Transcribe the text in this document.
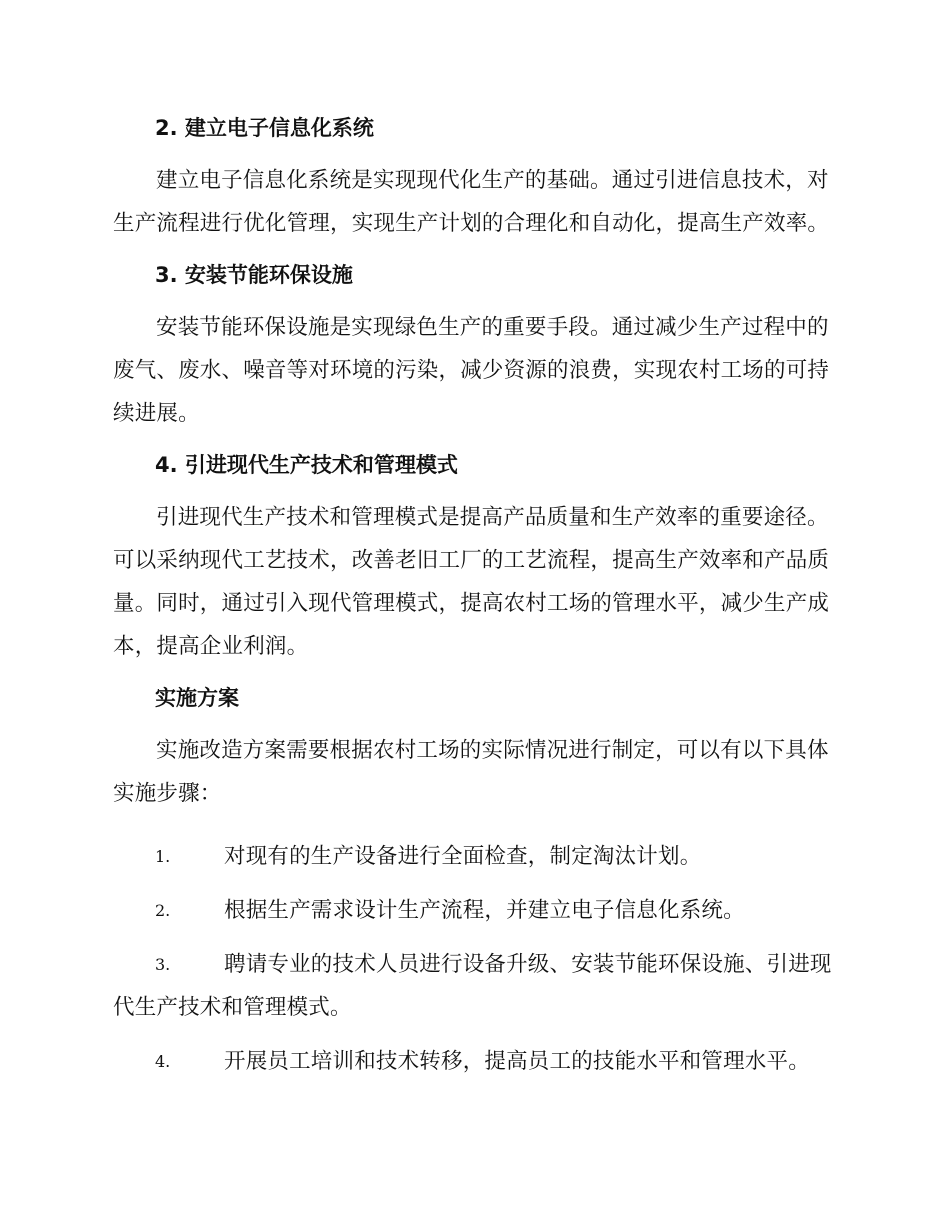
2. 建立电子信息化系统

建立电子信息化系统是实现现代化生产的基础。通过引进信息技术，对生产流程进行优化管理，实现生产计划的合理化和自动化，提高生产效率。

3. 安装节能环保设施

安装节能环保设施是实现绿色生产的重要手段。通过减少生产过程中的废气、废水、噪音等对环境的污染，减少资源的浪费，实现农村工场的可持续进展。

4. 引进现代生产技术和管理模式

引进现代生产技术和管理模式是提高产品质量和生产效率的重要途径。可以采纳现代工艺技术，改善老旧工厂的工艺流程，提高生产效率和产品质量。同时，通过引入现代管理模式，提高农村工场的管理水平，减少生产成本，提高企业利润。

实施方案

实施改造方案需要根据农村工场的实际情况进行制定，可以有以下具体实施步骤：

1.	对现有的生产设备进行全面检查，制定淘汰计划。
2.	根据生产需求设计生产流程，并建立电子信息化系统。
3.	聘请专业的技术人员进行设备升级、安装节能环保设施、引进现代生产技术和管理模式。
4.	开展员工培训和技术转移，提高员工的技能水平和管理水平。
